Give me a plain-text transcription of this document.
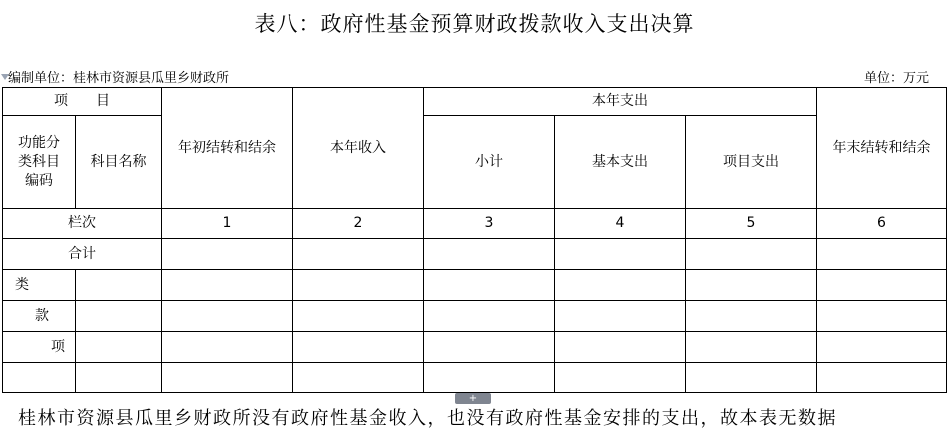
表八：政府性基金预算财政拨款收入支出决算
编制单位：桂林市资源县瓜里乡财政所	单位：万元
项　　目		年初结转和结余	本年收入	本年支出			年末结转和结余

功能分类科目编码	科目名称			小计	基本支出	项目支出	
栏次		1	2	3	4	5	6
合计							
类							
款							
项							

+
桂林市资源县瓜里乡财政所没有政府性基金收入，也没有政府性基金安排的支出，故本表无数据
